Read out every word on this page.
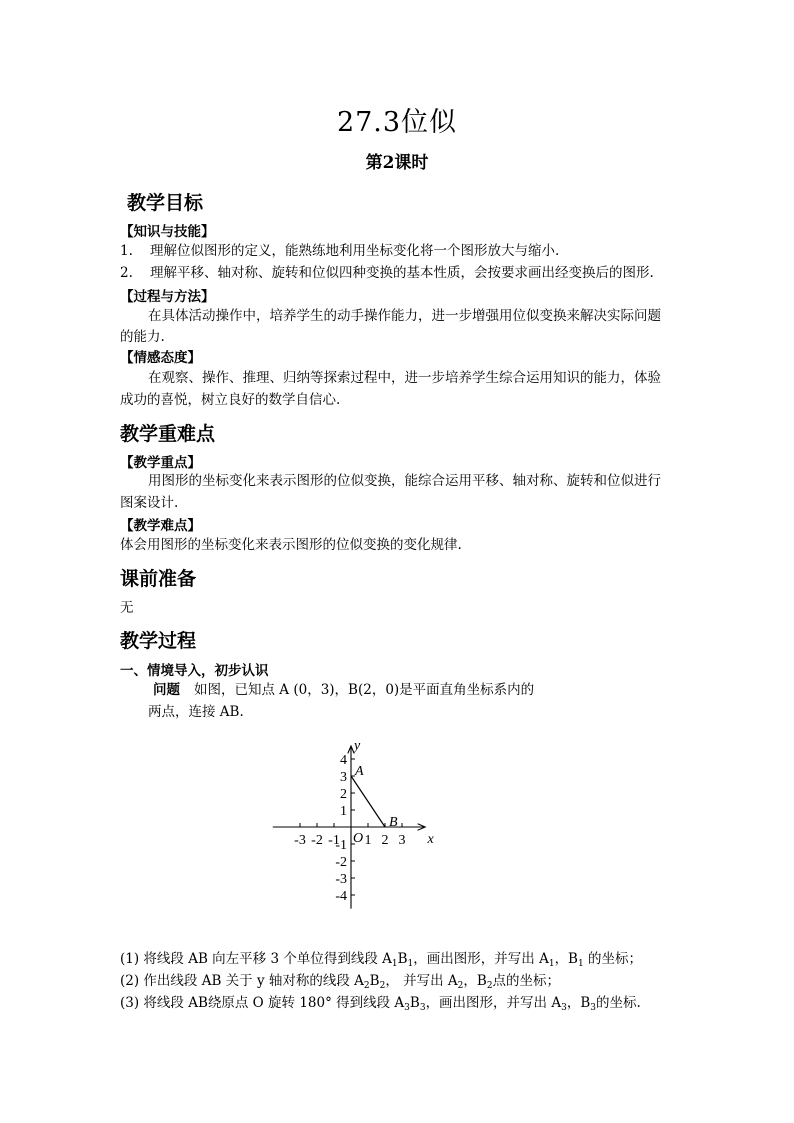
27.3位似
第2课时
教学目标
【知识与技能】
1. 理解位似图形的定义，能熟练地利用坐标变化将一个图形放大与缩小.
2. 理解平移、轴对称、旋转和位似四种变换的基本性质，会按要求画出经变换后的图形.
【过程与方法】
在具体活动操作中，培养学生的动手操作能力，进一步增强用位似变换来解决实际问题
的能力.
【情感态度】
在观察、操作、推理、归纳等探索过程中，进一步培养学生综合运用知识的能力，体验
成功的喜悦，树立良好的数学自信心.
教学重难点
【教学重点】
用图形的坐标变化来表示图形的位似变换，能综合运用平移、轴对称、旋转和位似进行
图案设计.
【教学难点】
体会用图形的坐标变化来表示图形的位似变换的变化规律.
课前准备
无
教学过程
一、情境导入，初步认识
问题 如图，已知点 A (0，3)，B(2，0)是平面直角坐标系内的
两点，连接 AB.
-3 -2 -1 1 2 3
4
3
2
1
-1
-2
-3
-4
x
y
O
A
B
(1) 将线段 AB 向左平移 3 个单位得到线段 $A_1B_1$，画出图形，并写出 $A_1$，$B_1$ 的坐标；
(2) 作出线段 AB 关于 y 轴对称的线段 $A_2B_2$， 并写出 $A_2$，$B_2$点的坐标；
(3) 将线段 AB绕原点 O 旋转 180° 得到线段 $A_3B_3$，画出图形，并写出 $A_3$，$B_3$的坐标.
